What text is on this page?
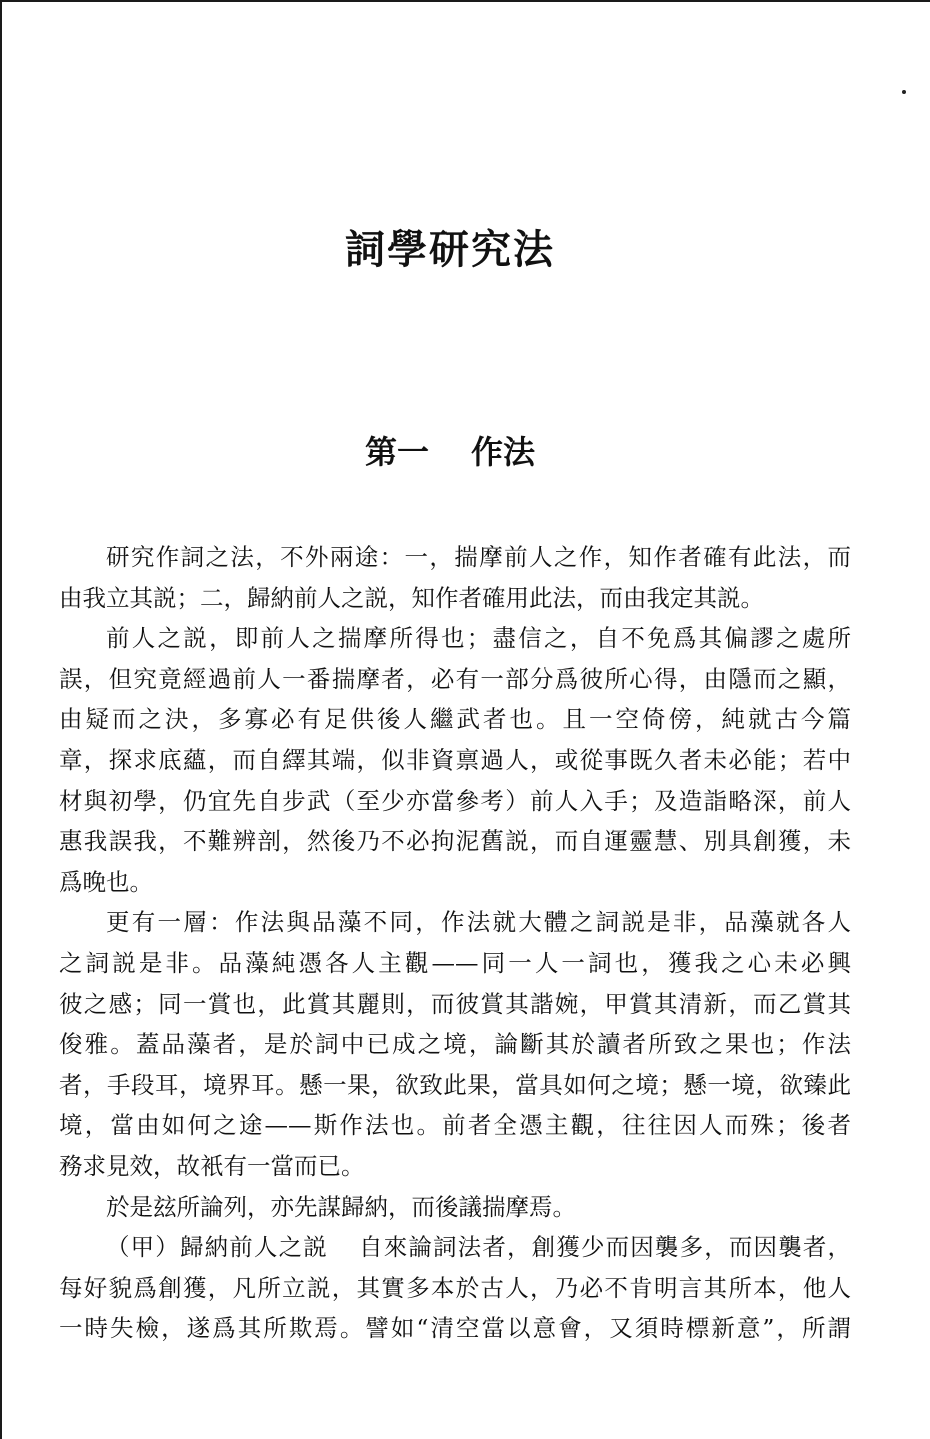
詞學研究法
第一 作法
研究作詞之法，不外兩途：一，揣摩前人之作，知作者確有此法，而
由我立其説；二，歸納前人之説，知作者確用此法，而由我定其説。
前人之説，即前人之揣摩所得也；盡信之，自不免爲其偏謬之處所
誤，但究竟經過前人一番揣摩者，必有一部分爲彼所心得，由隱而之顯，
由疑而之決，多寡必有足供後人繼武者也。且一空倚傍，純就古今篇
章，探求底蘊，而自繹其端，似非資禀過人，或從事既久者未必能；若中
材與初學，仍宜先自步武（至少亦當參考）前人入手；及造詣略深，前人
惠我誤我，不難辨剖，然後乃不必拘泥舊説，而自運靈慧、別具創獲，未
爲晚也。
更有一層：作法與品藻不同，作法就大體之詞説是非，品藻就各人
之詞説是非。品藻純憑各人主觀——同一人一詞也，獲我之心未必興
彼之感；同一賞也，此賞其麗則，而彼賞其諧婉，甲賞其清新，而乙賞其
俊雅。蓋品藻者，是於詞中已成之境，論斷其於讀者所致之果也；作法
者，手段耳，境界耳。懸一果，欲致此果，當具如何之境；懸一境，欲臻此
境，當由如何之途——斯作法也。前者全憑主觀，往往因人而殊；後者
務求見效，故衹有一當而已。
於是玆所論列，亦先謀歸納，而後議揣摩焉。
（甲）歸納前人之説 自來論詞法者，創獲少而因襲多，而因襲者，
每好貌爲創獲，凡所立説，其實多本於古人，乃必不肯明言其所本，他人
一時失檢，遂爲其所欺焉。譬如“清空當以意會，又須時標新意”，所謂
